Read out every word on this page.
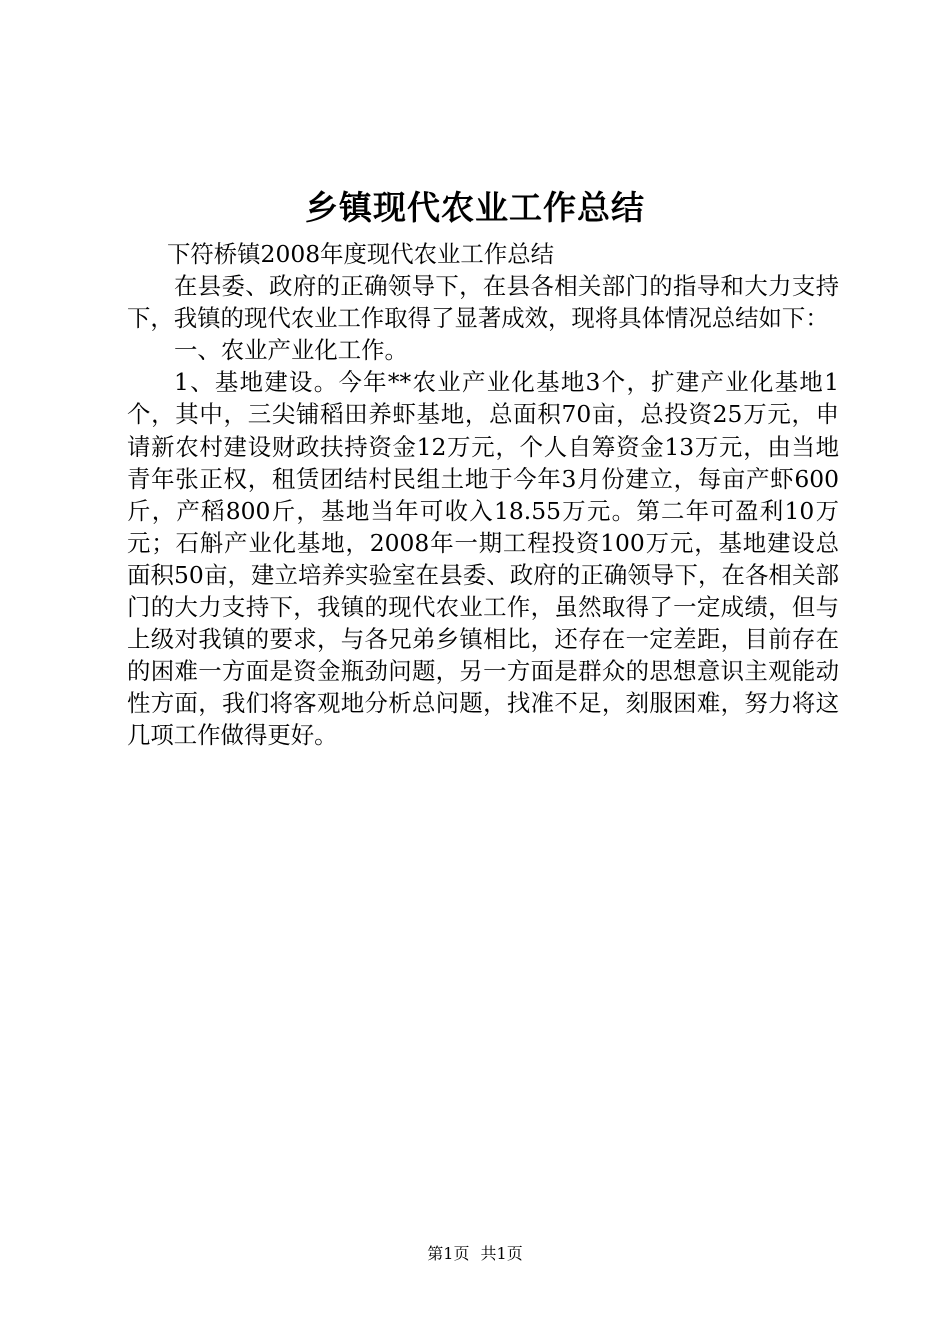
乡镇现代农业工作总结

下符桥镇2008年度现代农业工作总结

在县委、政府的正确领导下，在县各相关部门的指导和大力支持下，我镇的现代农业工作取得了显著成效，现将具体情况总结如下：

一、农业产业化工作。

1、基地建设。今年**农业产业化基地3个，扩建产业化基地1个，其中，三尖铺稻田养虾基地，总面积70亩，总投资25万元，申请新农村建设财政扶持资金12万元，个人自筹资金13万元，由当地青年张正权，租赁团结村民组土地于今年3月份建立，每亩产虾600斤，产稻800斤，基地当年可收入18.55万元。第二年可盈利10万元；石斛产业化基地，2008年一期工程投资100万元，基地建设总面积50亩，建立培养实验室在县委、政府的正确领导下，在各相关部门的大力支持下，我镇的现代农业工作，虽然取得了一定成绩，但与上级对我镇的要求，与各兄弟乡镇相比，还存在一定差距，目前存在的困难一方面是资金瓶劲问题，另一方面是群众的思想意识主观能动性方面，我们将客观地分析总问题，找准不足，刻服困难，努力将这几项工作做得更好。

第1页 共1页
